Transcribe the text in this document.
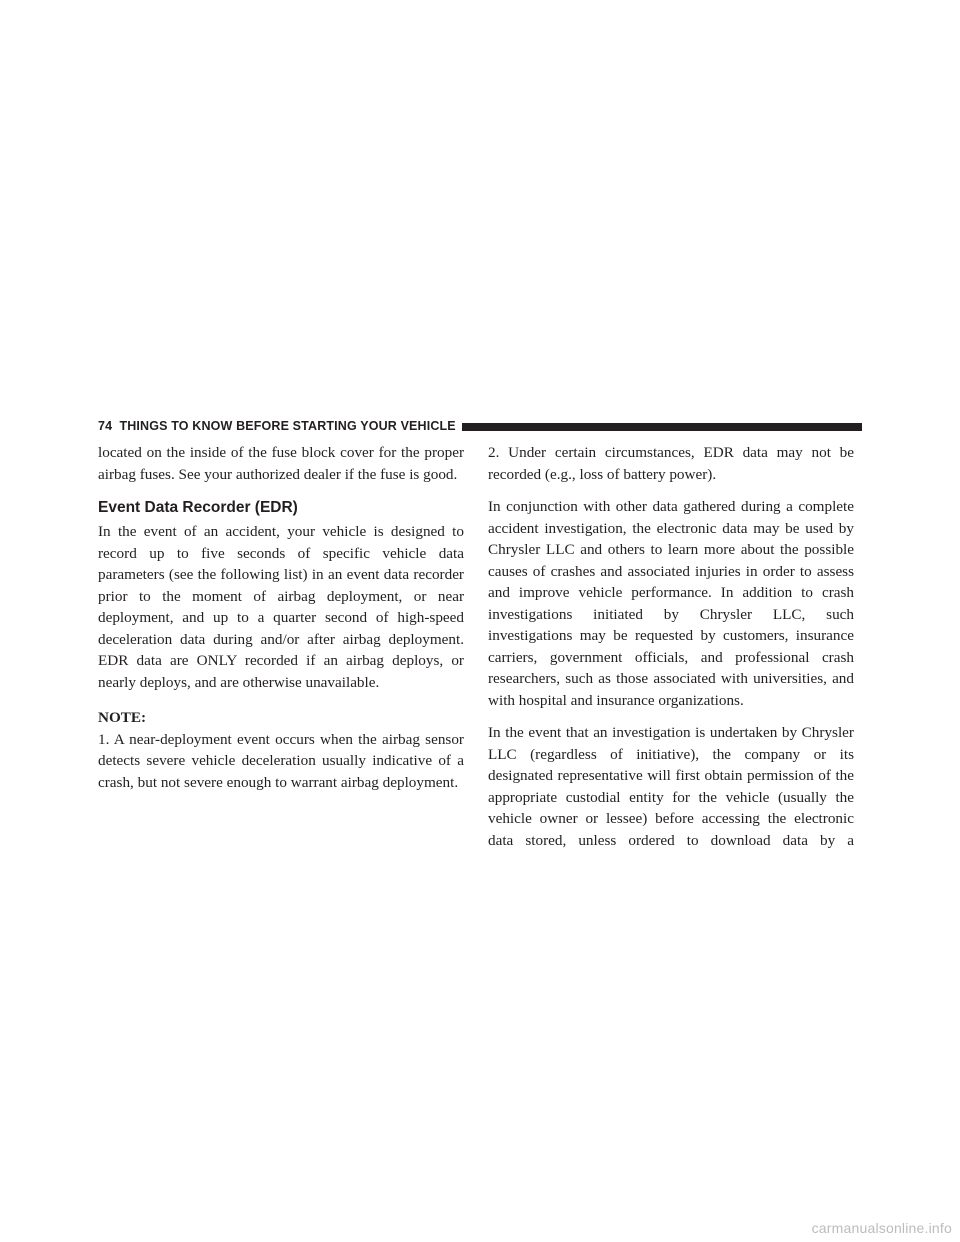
74 THINGS TO KNOW BEFORE STARTING YOUR VEHICLE

located on the inside of the fuse block cover for the proper airbag fuses. See your authorized dealer if the fuse is good.

Event Data Recorder (EDR)

In the event of an accident, your vehicle is designed to record up to five seconds of specific vehicle data parameters (see the following list) in an event data recorder prior to the moment of airbag deployment, or near deployment, and up to a quarter second of high-speed deceleration data during and/or after airbag deployment. EDR data are ONLY recorded if an airbag deploys, or nearly deploys, and are otherwise unavailable.

NOTE:

1. A near-deployment event occurs when the airbag sensor detects severe vehicle deceleration usually indicative of a crash, but not severe enough to warrant airbag deployment.

2. Under certain circumstances, EDR data may not be recorded (e.g., loss of battery power).

In conjunction with other data gathered during a complete accident investigation, the electronic data may be used by Chrysler LLC and others to learn more about the possible causes of crashes and associated injuries in order to assess and improve vehicle performance. In addition to crash investigations initiated by Chrysler LLC, such investigations may be requested by customers, insurance carriers, government officials, and professional crash researchers, such as those associated with universities, and with hospital and insurance organizations.

In the event that an investigation is undertaken by Chrysler LLC (regardless of initiative), the company or its designated representative will first obtain permission of the appropriate custodial entity for the vehicle (usually the vehicle owner or lessee) before accessing the electronic data stored, unless ordered to download data by a

carmanualsonline.info
